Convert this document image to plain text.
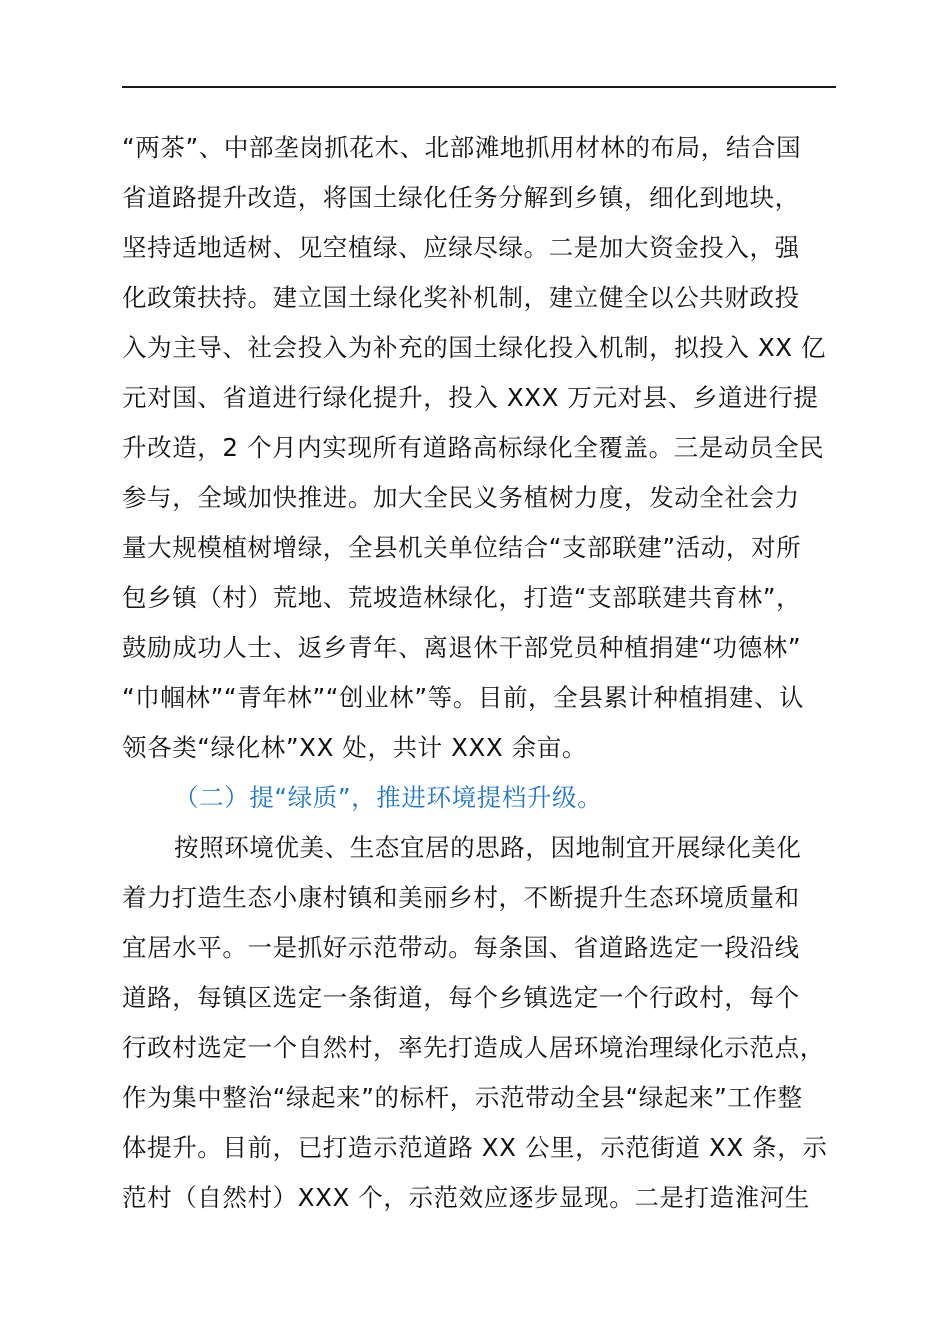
“两茶”、中部垄岗抓花木、北部滩地抓用材林的布局，结合国
省道路提升改造，将国土绿化任务分解到乡镇，细化到地块，
坚持适地适树、见空植绿、应绿尽绿。二是加大资金投入，强
化政策扶持。建立国土绿化奖补机制，建立健全以公共财政投
入为主导、社会投入为补充的国土绿化投入机制，拟投入 XX 亿
元对国、省道进行绿化提升，投入 XXX 万元对县、乡道进行提
升改造，2 个月内实现所有道路高标绿化全覆盖。三是动员全民
参与，全域加快推进。加大全民义务植树力度，发动全社会力
量大规模植树增绿，全县机关单位结合“支部联建”活动，对所
包乡镇（村）荒地、荒坡造林绿化，打造“支部联建共育林”，
鼓励成功人士、返乡青年、离退休干部党员种植捐建“功德林”
“巾帼林”“青年林”“创业林”等。目前，全县累计种植捐建、认
领各类“绿化林”XX 处，共计 XXX 余亩。
（二）提“绿质”，推进环境提档升级。
按照环境优美、生态宜居的思路，因地制宜开展绿化美化
着力打造生态小康村镇和美丽乡村，不断提升生态环境质量和
宜居水平。一是抓好示范带动。每条国、省道路选定一段沿线
道路，每镇区选定一条街道，每个乡镇选定一个行政村，每个
行政村选定一个自然村，率先打造成人居环境治理绿化示范点，
作为集中整治“绿起来”的标杆，示范带动全县“绿起来”工作整
体提升。目前，已打造示范道路 XX 公里，示范街道 XX 条，示
范村（自然村）XXX 个，示范效应逐步显现。二是打造淮河生
